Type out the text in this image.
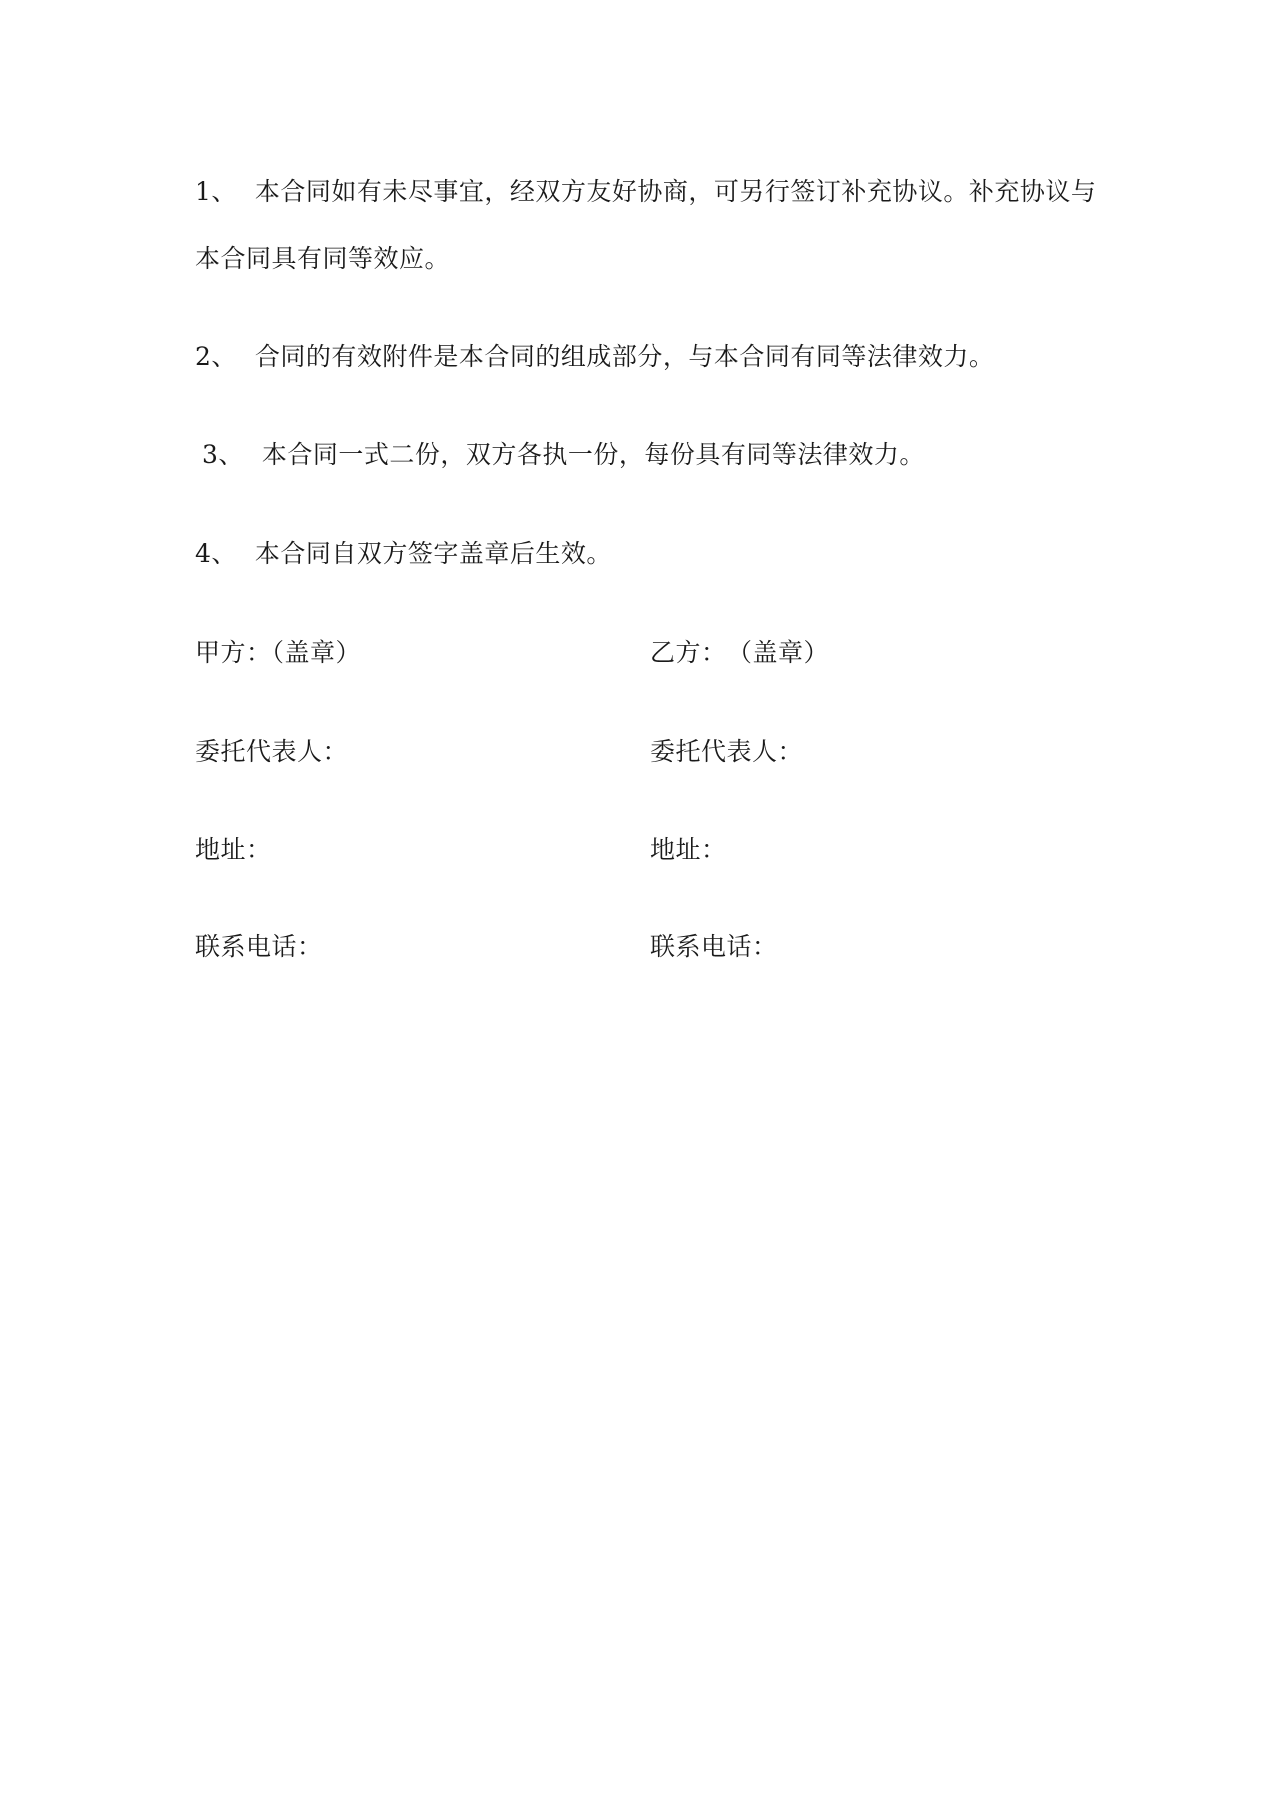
1、 本合同如有未尽事宜，经双方友好协商，可另行签订补充协议。补充协议与
本合同具有同等效应。
2、 合同的有效附件是本合同的组成部分，与本合同有同等法律效力。
3、 本合同一式二份，双方各执一份，每份具有同等法律效力。
4、 本合同自双方签字盖章后生效。
甲方：（盖章）	乙方：　（盖章）
委托代表人：	委托代表人：
地址：	地址：
联系电话：	联系电话：
